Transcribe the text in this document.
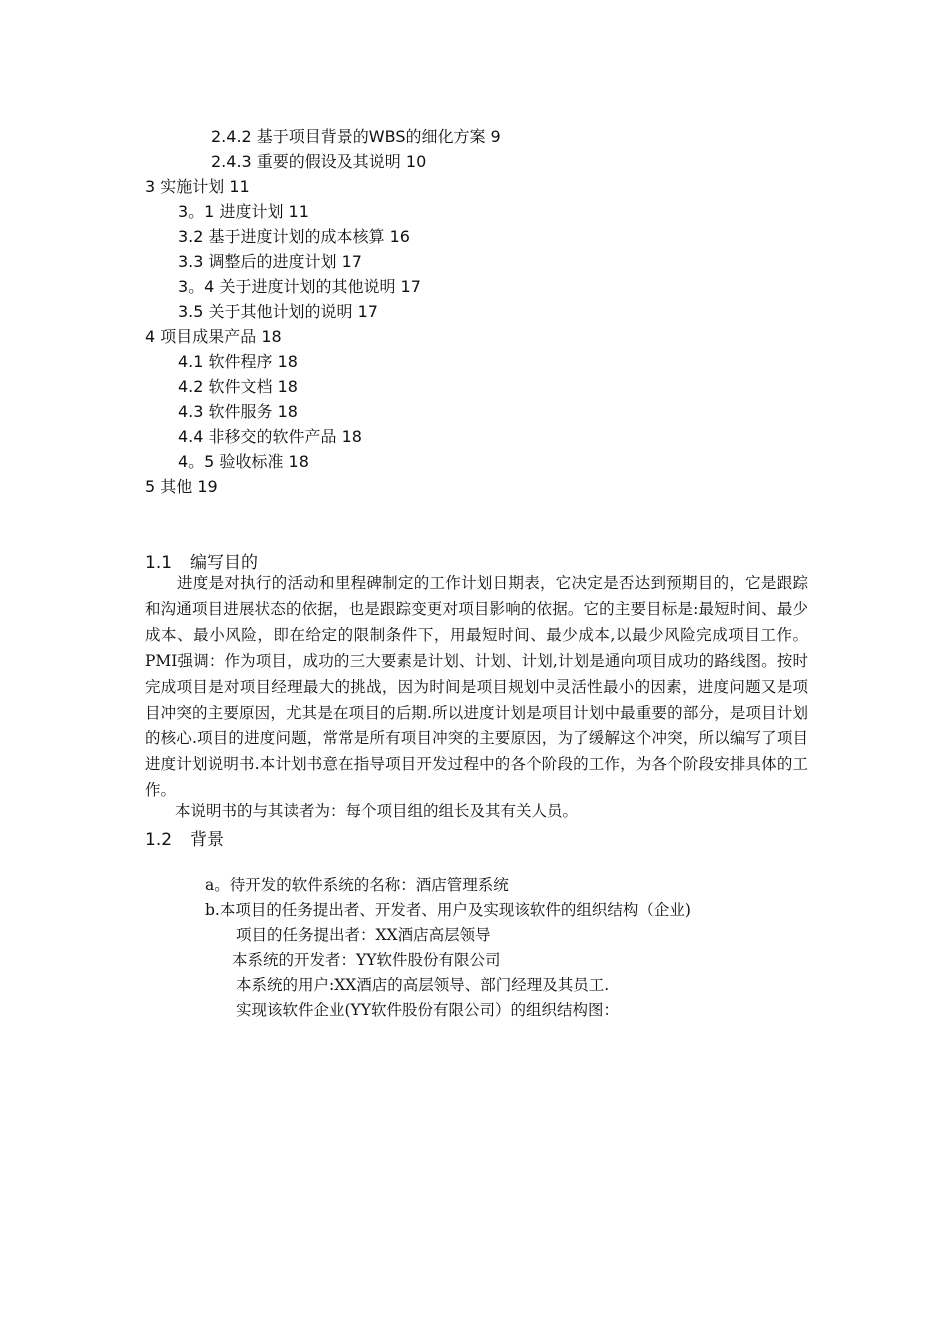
2.4.2 基于项目背景的WBS的细化方案 9
2.4.3 重要的假设及其说明 10
3 实施计划 11
3。1 进度计划 11
3.2 基于进度计划的成本核算 16
3.3 调整后的进度计划 17
3。4 关于进度计划的其他说明 17
3.5 关于其他计划的说明 17
4 项目成果产品 18
4.1 软件程序 18
4.2 软件文档 18
4.3 软件服务 18
4.4 非移交的软件产品 18
4。5 验收标准 18
5 其他 19
1.1 编写目的
进度是对执行的活动和里程碑制定的工作计划日期表，它决定是否达到预期目的，它是跟踪和沟通项目进展状态的依据，也是跟踪变更对项目影响的依据。它的主要目标是:最短时间、最少成本、最小风险，即在给定的限制条件下，用最短时间、最少成本,以最少风险完成项目工作。PMI强调：作为项目，成功的三大要素是计划、计划、计划,计划是通向项目成功的路线图。按时完成项目是对项目经理最大的挑战，因为时间是项目规划中灵活性最小的因素，进度问题又是项目冲突的主要原因，尤其是在项目的后期.所以进度计划是项目计划中最重要的部分，是项目计划的核心.项目的进度问题，常常是所有项目冲突的主要原因，为了缓解这个冲突，所以编写了项目进度计划说明书.本计划书意在指导项目开发过程中的各个阶段的工作，为各个阶段安排具体的工作。
本说明书的与其读者为：每个项目组的组长及其有关人员。
1.2 背景
a。待开发的软件系统的名称：酒店管理系统
b.本项目的任务提出者、开发者、用户及实现该软件的组织结构（企业)
项目的任务提出者：XX酒店高层领导
本系统的开发者：YY软件股份有限公司
本系统的用户:XX酒店的高层领导、部门经理及其员工.
实现该软件企业(YY软件股份有限公司）的组织结构图：
